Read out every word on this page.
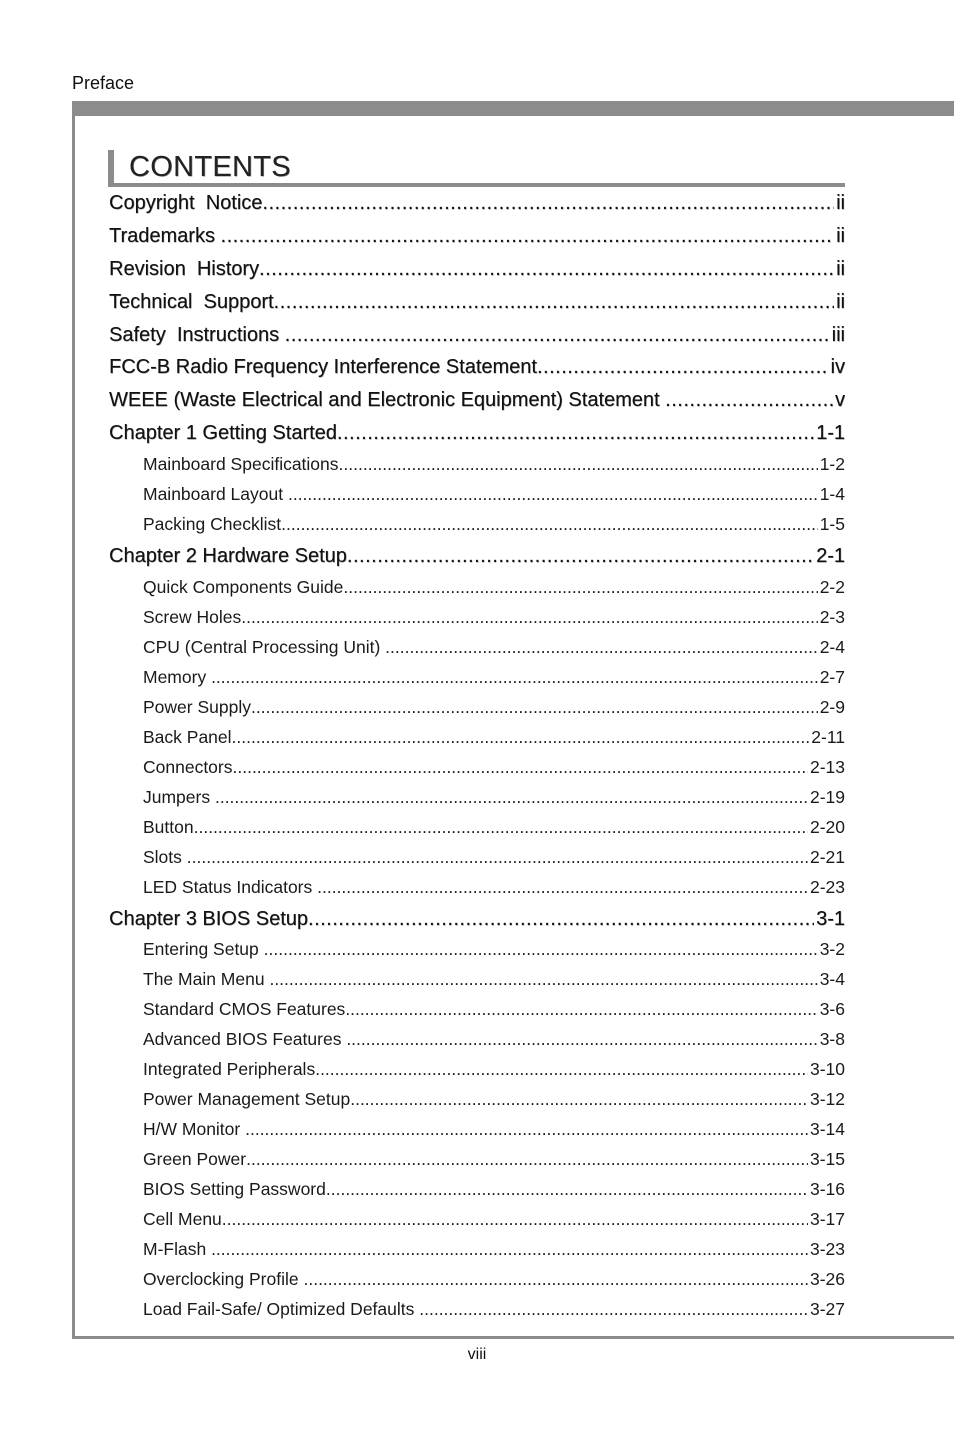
Preface
CONTENTS
Copyright  Notice .....	ii
Trademarks .....	ii
Revision  History .....	ii
Technical  Support .....	ii
Safety  Instructions .....	iii
FCC-B Radio Frequency Interference Statement .....	iv
WEEE (Waste Electrical and Electronic Equipment) Statement .....	v
Chapter 1 Getting Started .....	1-1
Mainboard Specifications .....	1-2
Mainboard Layout .....	1-4
Packing Checklist .....	1-5
Chapter 2 Hardware Setup .....	2-1
Quick Components Guide .....	2-2
Screw Holes .....	2-3
CPU (Central Processing Unit) .....	2-4
Memory .....	2-7
Power Supply .....	2-9
Back Panel .....	2-11
Connectors .....	2-13
Jumpers .....	2-19
Button .....	2-20
Slots .....	2-21
LED Status Indicators .....	2-23
Chapter 3 BIOS Setup .....	3-1
Entering Setup .....	3-2
The Main Menu .....	3-4
Standard CMOS Features .....	3-6
Advanced BIOS Features .....	3-8
Integrated Peripherals .....	3-10
Power Management Setup .....	3-12
H/W Monitor .....	3-14
Green Power .....	3-15
BIOS Setting Password .....	3-16
Cell Menu .....	3-17
M-Flash .....	3-23
Overclocking Profile .....	3-26
Load Fail-Safe/ Optimized Defaults .....	3-27
viii
